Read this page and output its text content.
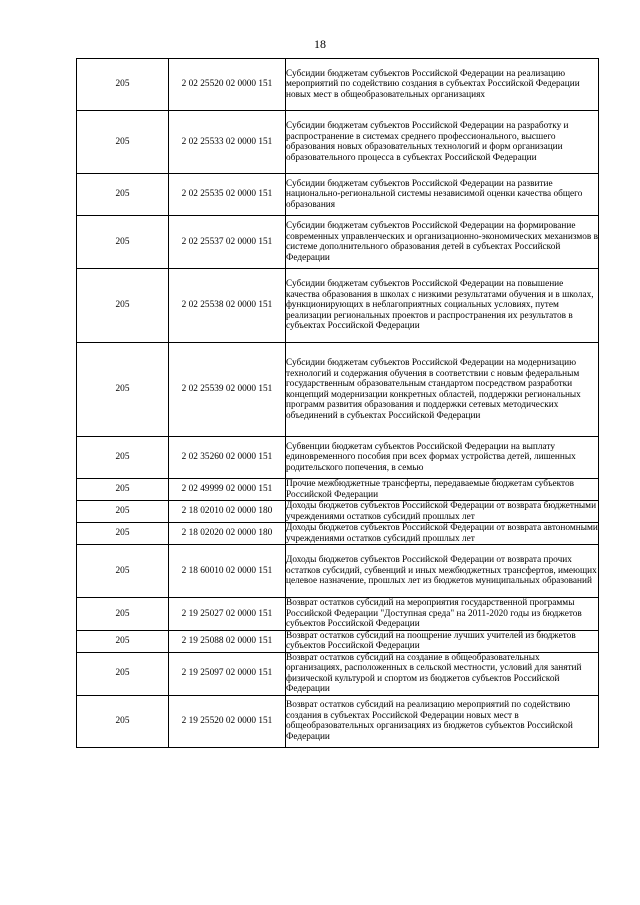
18
205	2 02 25520 02 0000 151	Субсидии бюджетам субъектов Российской Федерации на реализацию мероприятий по содействию создания в субъектах Российской Федерации новых мест в общеобразовательных организациях
205	2 02 25533 02 0000 151	Субсидии бюджетам субъектов Российской Федерации на разработку и распространение в системах среднего профессионального, высшего образования новых образовательных технологий и форм организации образовательного процесса в субъектах Российской Федерации
205	2 02 25535 02 0000 151	Субсидии бюджетам субъектов Российской Федерации на развитие национально-региональной системы независимой оценки качества общего образования
205	2 02 25537 02 0000 151	Субсидии бюджетам субъектов Российской Федерации на формирование современных управленческих и организационно-экономических механизмов в системе дополнительного образования детей в субъектах Российской Федерации
205	2 02 25538 02 0000 151	Субсидии бюджетам субъектов Российской Федерации на повышение качества образования в школах с низкими результатами обучения и в школах, функционирующих в неблагоприятных социальных условиях, путем реализации региональных проектов и распространения их результатов в субъектах Российской Федерации
205	2 02 25539 02 0000 151	Субсидии бюджетам субъектов Российской Федерации на модернизацию технологий и содержания обучения в соответствии с новым федеральным государственным образовательным стандартом посредством разработки концепций модернизации конкретных областей, поддержки региональных программ развития образования и поддержки сетевых методических объединений в субъектах Российской Федерации
205	2 02 35260 02 0000 151	Субвенции бюджетам субъектов Российской Федерации на выплату единовременного пособия при всех формах устройства детей, лишенных родительского попечения, в семью
205	2 02 49999 02 0000 151	Прочие межбюджетные трансферты, передаваемые бюджетам субъектов Российской Федерации
205	2 18 02010 02 0000 180	Доходы бюджетов субъектов Российской Федерации от возврата бюджетными учреждениями остатков субсидий прошлых лет
205	2 18 02020 02 0000 180	Доходы бюджетов субъектов Российской Федерации от возврата автономными учреждениями остатков субсидий прошлых лет
205	2 18 60010 02 0000 151	Доходы бюджетов субъектов Российской Федерации от возврата прочих остатков субсидий, субвенций и иных межбюджетных трансфертов, имеющих целевое назначение, прошлых лет из бюджетов муниципальных образований
205	2 19 25027 02 0000 151	Возврат остатков субсидий на мероприятия государственной программы Российской Федерации "Доступная среда" на 2011-2020 годы из бюджетов субъектов Российской Федерации
205	2 19 25088 02 0000 151	Возврат остатков субсидий на поощрение лучших учителей из бюджетов субъектов Российской Федерации
205	2 19 25097 02 0000 151	Возврат остатков субсидий на создание в общеобразовательных организациях, расположенных в сельской местности, условий для занятий физической культурой и спортом из бюджетов субъектов Российской Федерации
205	2 19 25520 02 0000 151	Возврат остатков субсидий на реализацию мероприятий по содействию создания в субъектах Российской Федерации новых мест в общеобразовательных организациях из бюджетов субъектов Российской Федерации
